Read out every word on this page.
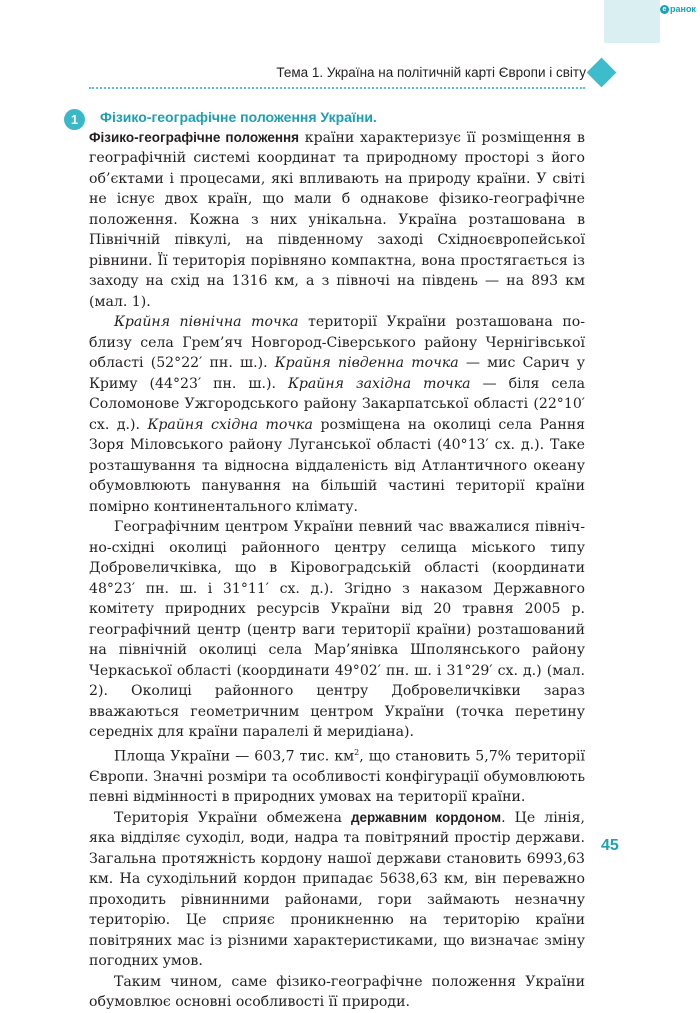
e ранок
Тема 1. Україна на політичній карті Європи і світу
1	Фізико-географічне положення України.

Фізико-географічне положення країни характеризує її розміщення в географічній системі координат та природному просторі з його об’єктами і процесами, які впливають на природу країни. У світі не існує двох країн, що мали б однакове фізико-географічне положення. Кожна з них унікальна. Україна розташована в Північній півкулі, на південному заході Східноєвропейської рівнини. Її територія порівняно компактна, вона простягається із заходу на схід на 1316 км, а з півночі на південь — на 893 км (мал. 1).

Крайня північна точка території України розташована поблизу села Грем’яч Новгород-Сіверського району Чернігівської області (52°22′ пн. ш.). Крайня південна точка — мис Сарич у Криму (44°23′ пн. ш.). Крайня західна точка — біля села Соломонове Ужгородського району Закарпатської області (22°10′ сх. д.). Крайня східна точка розміщена на околиці села Рання Зоря Міловського району Луганської області (40°13′ сх. д.). Таке розташування та відносна віддаленість від Атлантичного океану обумовлюють панування на більшій частині території країни помірно континентального клімату.

Географічним центром України певний час вважалися північно-східні околиці районного центру селища міського типу Добровеличківка, що в Кіровоградській області (координати 48°23′ пн. ш. і 31°11′ сх. д.). Згідно з наказом Державного комітету природних ресурсів України від 20 травня 2005 р. географічний центр (центр ваги території країни) розташований на північній околиці села Мар’янівка Шполянського району Черкаської області (координати 49°02′ пн. ш. і 31°29′ сх. д.) (мал. 2). Околиці районного центру Добровеличківки зараз вважаються геометричним центром України (точка перетину середніх для країни паралелі й меридіана).

Площа України — 603,7 тис. $км^2$, що становить 5,7% території Європи. Значні розміри та особливості конфігурації обумовлюють певні відмінності в природних умовах на території країни.

Територія України обмежена державним кордоном. Це лінія, яка відділяє суходіл, води, надра та повітряний простір держави. Загальна протяжність кордону нашої держави становить 6993,63 км. На суходільний кордон припадає 5638,63 км, він переважно проходить рівнинними районами, гори займають незначну територію. Це сприяє проникненню на територію країни повітряних мас із різними характеристиками, що визначає зміну погодних умов.

Таким чином, саме фізико-географічне положення України обумовлює основні особливості її природи.

45
